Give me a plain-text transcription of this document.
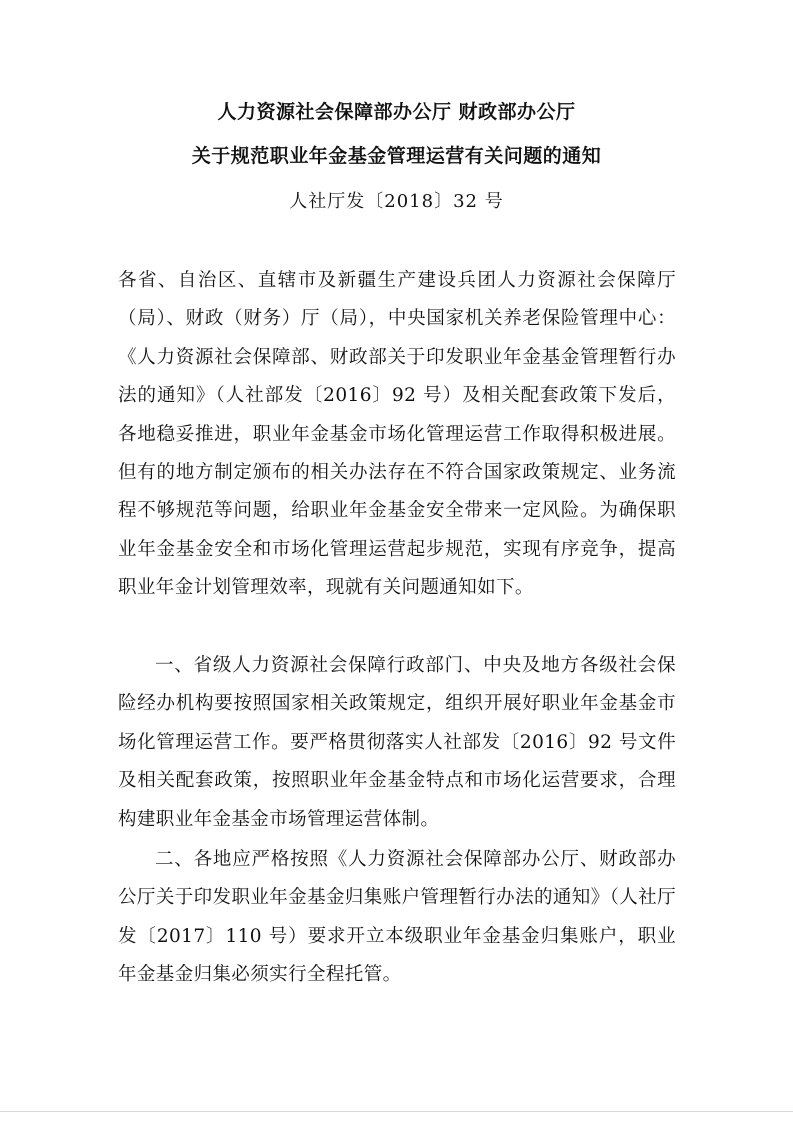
人力资源社会保障部办公厅 财政部办公厅
关于规范职业年金基金管理运营有关问题的通知
人社厅发〔2018〕32 号
各省、自治区、直辖市及新疆生产建设兵团人力资源社会保障厅（局）、财政（财务）厅（局），中央国家机关养老保险管理中心：《人力资源社会保障部、财政部关于印发职业年金基金管理暂行办法的通知》（人社部发〔2016〕92 号）及相关配套政策下发后，各地稳妥推进，职业年金基金市场化管理运营工作取得积极进展。但有的地方制定颁布的相关办法存在不符合国家政策规定、业务流程不够规范等问题，给职业年金基金安全带来一定风险。为确保职业年金基金安全和市场化管理运营起步规范，实现有序竞争，提高职业年金计划管理效率，现就有关问题通知如下。
一、省级人力资源社会保障行政部门、中央及地方各级社会保险经办机构要按照国家相关政策规定，组织开展好职业年金基金市场化管理运营工作。要严格贯彻落实人社部发〔2016〕92 号文件及相关配套政策，按照职业年金基金特点和市场化运营要求，合理构建职业年金基金市场管理运营体制。
二、各地应严格按照《人力资源社会保障部办公厅、财政部办公厅关于印发职业年金基金归集账户管理暂行办法的通知》（人社厅发〔2017〕110 号）要求开立本级职业年金基金归集账户，职业年金基金归集必须实行全程托管。
